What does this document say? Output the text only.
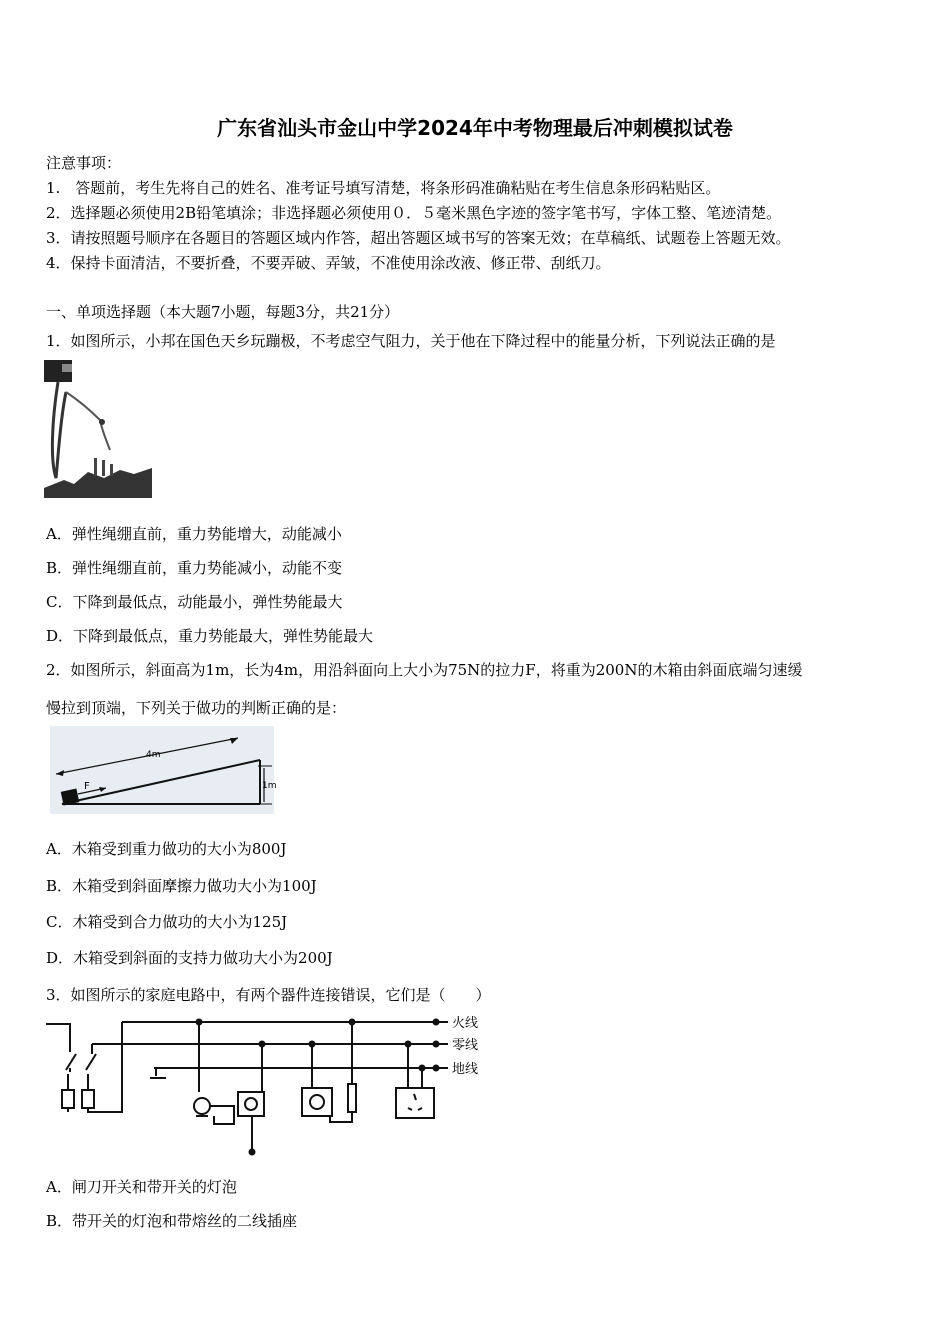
广东省汕头市金山中学2024年中考物理最后冲刺模拟试卷
注意事项：
1.　答题前，考生先将自己的姓名、准考证号填写清楚，将条形码准确粘贴在考生信息条形码粘贴区。
2．选择题必须使用2B铅笔填涂；非选择题必须使用０．５毫米黑色字迹的签字笔书写，字体工整、笔迹清楚。
3．请按照题号顺序在各题目的答题区域内作答，超出答题区域书写的答案无效；在草稿纸、试题卷上答题无效。
4．保持卡面清洁，不要折叠，不要弄破、弄皱，不准使用涂改液、修正带、刮纸刀。
一、单项选择题（本大题7小题，每题3分，共21分）
1．如图所示，小邦在国色天乡玩蹦极，不考虑空气阻力，关于他在下降过程中的能量分析，下列说法正确的是
A．弹性绳绷直前，重力势能增大，动能减小
B．弹性绳绷直前，重力势能减小，动能不变
C．下降到最低点，动能最小，弹性势能最大
D．下降到最低点，重力势能最大，弹性势能最大
2．如图所示，斜面高为1m，长为4m，用沿斜面向上大小为75N的拉力F，将重为200N的木箱由斜面底端匀速缓
慢拉到顶端，下列关于做功的判断正确的是：
4m
1m
F
A．木箱受到重力做功的大小为800J
B．木箱受到斜面摩擦力做功大小为100J
C．木箱受到合力做功的大小为125J
D．木箱受到斜面的支持力做功大小为200J
3．如图所示的家庭电路中，有两个器件连接错误，它们是（　　）
火线
零线
地线
A．闸刀开关和带开关的灯泡
B．带开关的灯泡和带熔丝的二线插座
